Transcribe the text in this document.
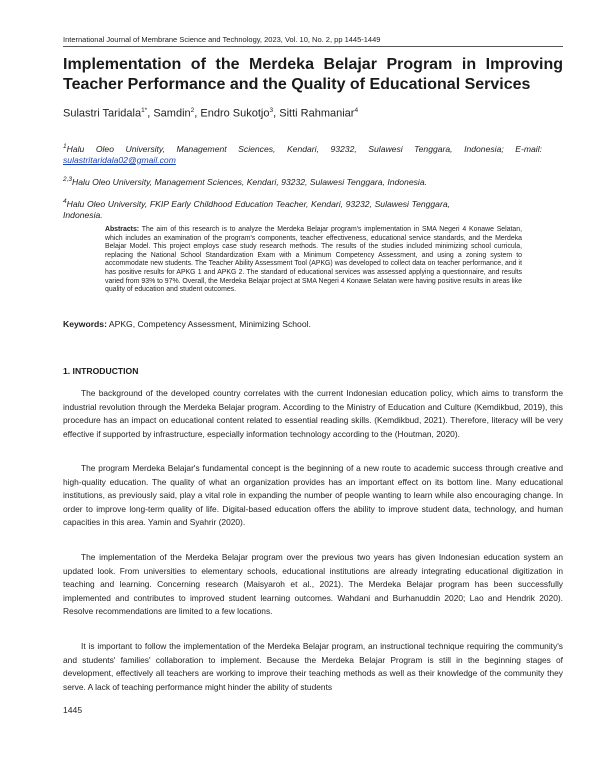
International Journal of Membrane Science and Technology, 2023, Vol. 10, No. 2, pp 1445-1449
Implementation of the Merdeka Belajar Program in Improving Teacher Performance and the Quality of Educational Services
Sulastri Taridala$^{1*}$, Samdin$^2$, Endro Sukotjo$^3$, Sitti Rahmaniar$^4$
$^1$Halu Oleo University, Management Sciences, Kendari, 93232, Sulawesi Tenggara, Indonesia; E-mail: sulastritaridala02@gmail.com
$^{2,3}$Halu Oleo University, Management Sciences, Kendari, 93232, Sulawesi Tenggara, Indonesia.
$^4$Halu Oleo University, FKIP Early Childhood Education Teacher, Kendari, 93232, Sulawesi Tenggara, Indonesia.
Abstracts: The aim of this research is to analyze the Merdeka Belajar program's implementation in SMA Negeri 4 Konawe Selatan, which includes an examination of the program's components, teacher effectiveness, educational service standards, and the Merdeka Belajar Model. This project employs case study research methods. The results of the studies included minimizing school curricula, replacing the National School Standardization Exam with a Minimum Competency Assessment, and using a zoning system to accommodate new students. The Teacher Ability Assessment Tool (APKG) was developed to collect data on teacher performance, and it has positive results for APKG 1 and APKG 2. The standard of educational services was assessed applying a questionnaire, and results varied from 93% to 97%. Overall, the Merdeka Belajar project at SMA Negeri 4 Konawe Selatan were having positive results in areas like quality of education and student outcomes.
Keywords: APKG, Competency Assessment, Minimizing School.
1. INTRODUCTION

The background of the developed country correlates with the current Indonesian education policy, which aims to transform the industrial revolution through the Merdeka Belajar program. According to the Ministry of Education and Culture (Kemdikbud, 2019), this procedure has an impact on educational content related to essential reading skills. (Kemdikbud, 2021). Therefore, literacy will be very effective if supported by infrastructure, especially information technology according to the (Houtman, 2020).

The program Merdeka Belajar's fundamental concept is the beginning of a new route to academic success through creative and high-quality education. The quality of what an organization provides has an important effect on its bottom line. Many educational institutions, as previously said, play a vital role in expanding the number of people wanting to learn while also encouraging change. In order to improve long-term quality of life. Digital-based education offers the ability to improve student data, technology, and human capacities in this area. Yamin and Syahrir (2020).

The implementation of the Merdeka Belajar program over the previous two years has given Indonesian education system an updated look. From universities to elementary schools, educational institutions are already integrating educational digitization in teaching and learning. Concerning research (Maisyaroh et al., 2021). The Merdeka Belajar program has been successfully implemented and contributes to improved student learning outcomes. Wahdani and Burhanuddin 2020; Lao and Hendrik 2020). Resolve recommendations are limited to a few locations.

It is important to follow the implementation of the Merdeka Belajar program, an instructional technique requiring the community's and students' families' collaboration to implement. Because the Merdeka Belajar Program is still in the beginning stages of development, effectively all teachers are working to improve their teaching methods as well as their knowledge of the community they serve. A lack of teaching performance might hinder the ability of students

1445
